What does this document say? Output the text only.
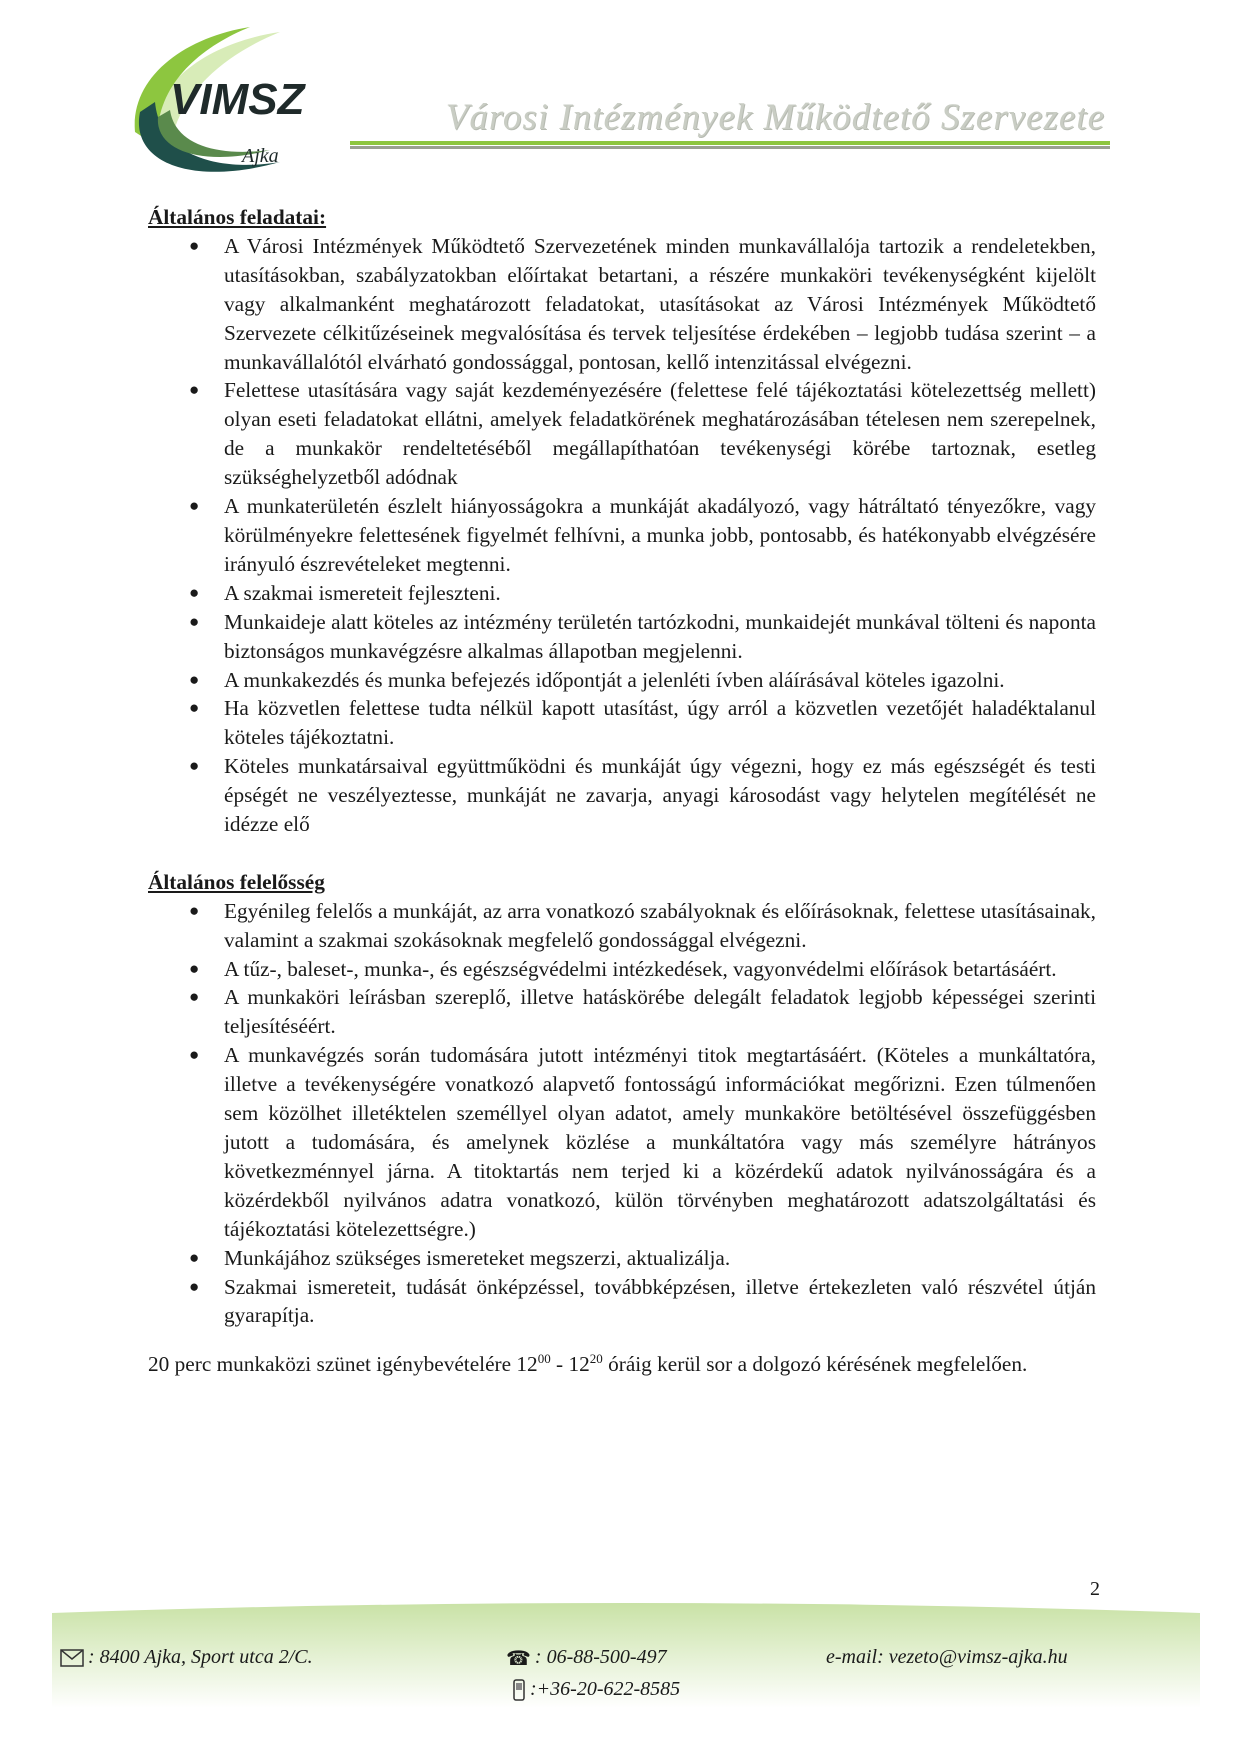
VIMSZ
Ajka
Városi Intézmények Működtető Szervezete

Általános feladatai:

● A Városi Intézmények Működtető Szervezetének minden munkavállalója tartozik a rendeletekben, utasításokban, szabályzatokban előírtakat betartani, a részére munkaköri tevékenységként kijelölt vagy alkalmanként meghatározott feladatokat, utasításokat az Városi Intézmények Működtető Szervezete célkitűzéseinek megvalósítása és tervek teljesítése érdekében – legjobb tudása szerint – a munkavállalótól elvárható gondossággal, pontosan, kellő intenzitással elvégezni.
● Felettese utasítására vagy saját kezdeményezésére (felettese felé tájékoztatási kötelezettség mellett) olyan eseti feladatokat ellátni, amelyek feladatkörének meghatározásában tételesen nem szerepelnek, de a munkakör rendeltetéséből megállapíthatóan tevékenységi körébe tartoznak, esetleg szükséghelyzetből adódnak
● A munkaterületén észlelt hiányosságokra a munkáját akadályozó, vagy hátráltató tényezőkre, vagy körülményekre felettesének figyelmét felhívni, a munka jobb, pontosabb, és hatékonyabb elvégzésére irányuló észrevételeket megtenni.
● A szakmai ismereteit fejleszteni.
● Munkaideje alatt köteles az intézmény területén tartózkodni, munkaidejét munkával tölteni és naponta biztonságos munkavégzésre alkalmas állapotban megjelenni.
● A munkakezdés és munka befejezés időpontját a jelenléti ívben aláírásával köteles igazolni.
● Ha közvetlen felettese tudta nélkül kapott utasítást, úgy arról a közvetlen vezetőjét haladéktalanul köteles tájékoztatni.
● Köteles munkatársaival együttműködni és munkáját úgy végezni, hogy ez más egészségét és testi épségét ne veszélyeztesse, munkáját ne zavarja, anyagi károsodást vagy helytelen megítélését ne idézze elő

Általános felelősség

● Egyénileg felelős a munkáját, az arra vonatkozó szabályoknak és előírásoknak, felettese utasításainak, valamint a szakmai szokásoknak megfelelő gondossággal elvégezni.
● A tűz-, baleset-, munka-, és egészségvédelmi intézkedések, vagyonvédelmi előírások betartásáért.
● A munkaköri leírásban szereplő, illetve hatáskörébe delegált feladatok legjobb képességei szerinti teljesítéséért.
● A munkavégzés során tudomására jutott intézményi titok megtartásáért. (Köteles a munkáltatóra, illetve a tevékenységére vonatkozó alapvető fontosságú információkat megőrizni. Ezen túlmenően sem közölhet illetéktelen személlyel olyan adatot, amely munkaköre betöltésével összefüggésben jutott a tudomására, és amelynek közlése a munkáltatóra vagy más személyre hátrányos következménnyel járna. A titoktartás nem terjed ki a közérdekű adatok nyilvánosságára és a közérdekből nyilvános adatra vonatkozó, külön törvényben meghatározott adatszolgáltatási és tájékoztatási kötelezettségre.)
● Munkájához szükséges ismereteket megszerzi, aktualizálja.
● Szakmai ismereteit, tudását önképzéssel, továbbképzésen, illetve értekezleten való részvétel útján gyarapítja.

20 perc munkaközi szünet igénybevételére $12^{00} - 12^{20}$ óráig kerül sor a dolgozó kérésének megfelelően.

2
: 8400 Ajka, Sport utca 2/C.	☎ : 06-88-500-497
:+36-20-622-8585
e-mail: vezeto@vimsz-ajka.hu
